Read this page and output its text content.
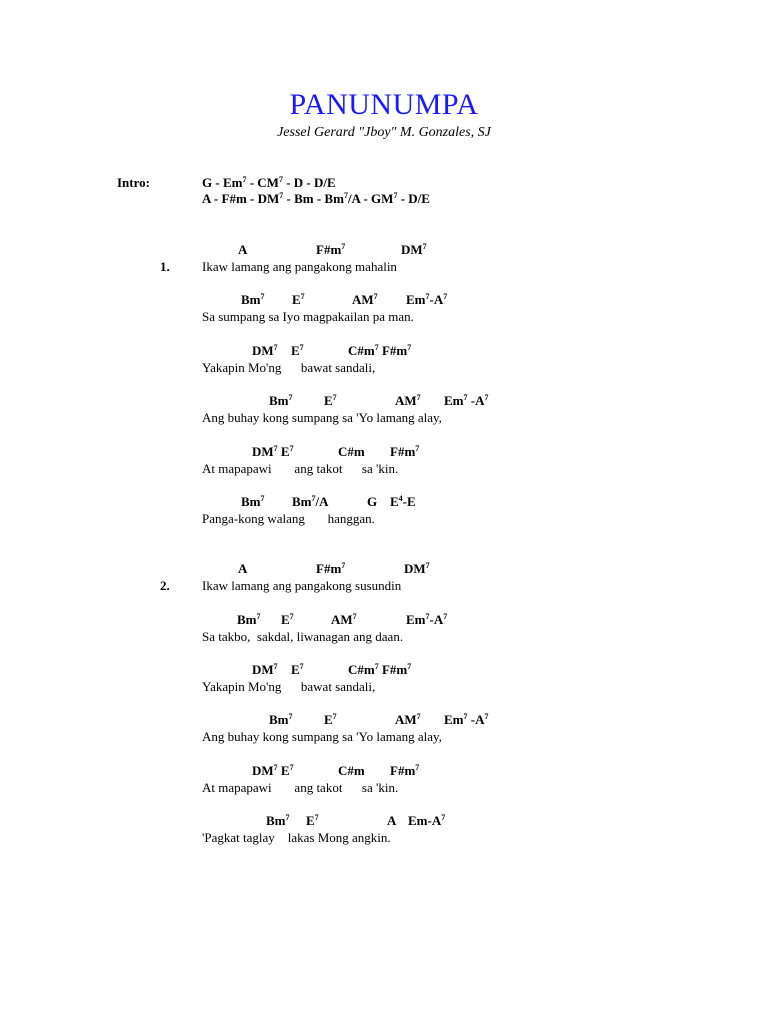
PANUNUMPA
Jessel Gerard "Jboy" M. Gonzales, SJ
Intro:	G - $Em^7 - CM^7$ - D - D/E
A - F#m - $DM^7$ - Bm - $Bm^7/A - GM^7 - D/E$
1.
A	$F\#m^7$	$DM^7$
Ikaw lamang ang pangakong mahalin
Bm$^7$ $E^7$	$AM^7$ $Em^7-A^7$
Sa sumpang sa Iyo magpakailan pa man.
$DM^7$ $E^7$	$C\#m^7$ $F\#m^7$
Yakapin Mo'ng      bawat sandali,
Bm$^7$ $E^7$	$AM^7$ Em$^7$ $-A^7$
Ang buhay kong sumpang sa 'Yo lamang alay,
$DM^7$ $E^7$	C#m $F\#m^7$
At mapapawi       ang takot      sa 'kin.
Bm$^7$ Bm$^7$/A	G $E^4-E$
Panga-kong walang       hanggan.
2.
A	$F\#m^7$	$DM^7$
Ikaw lamang ang pangakong susundin
Bm$^7$ $E^7$	$AM^7$	$Em^7-A^7$
Sa takbo,  sakdal, liwanagan ang daan.
$DM^7$ $E^7$	$C\#m^7$ $F\#m^7$
Yakapin Mo'ng      bawat sandali,
Bm$^7$ $E^7$	$AM^7$ Em$^7$ $-A^7$
Ang buhay kong sumpang sa 'Yo lamang alay,
$DM^7$ $E^7$	C#m $F\#m^7$
At mapapawi       ang takot      sa 'kin.
Bm$^7$ $E^7$	A $Em-A^7$
'Pagkat taglay    lakas Mong angkin.
